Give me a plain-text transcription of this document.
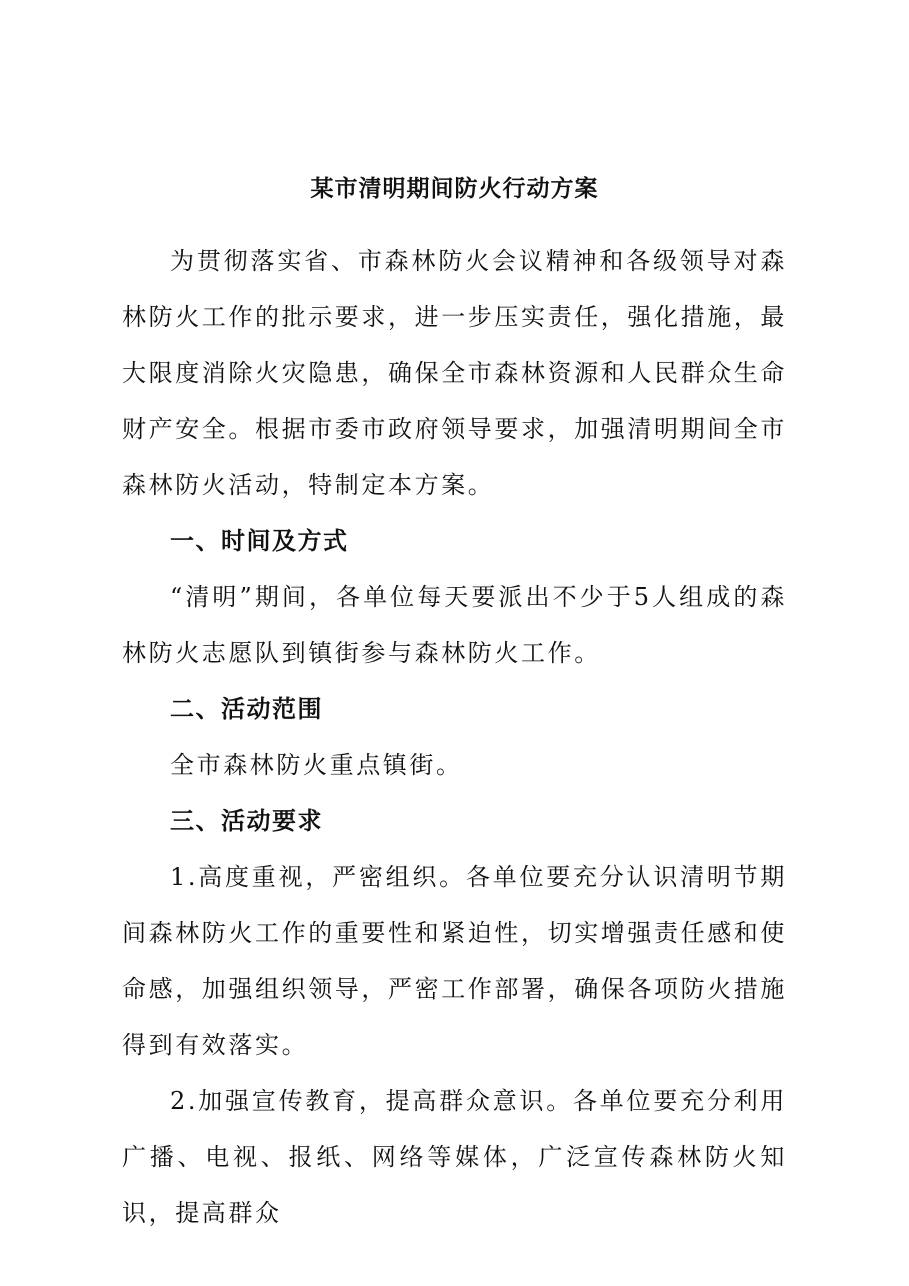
某市清明期间防火行动方案

为贯彻落实省、市森林防火会议精神和各级领导对森林防火工作的批示要求，进一步压实责任，强化措施，最大限度消除火灾隐患，确保全市森林资源和人民群众生命财产安全。根据市委市政府领导要求，加强清明期间全市森林防火活动，特制定本方案。

一、时间及方式

“清明”期间，各单位每天要派出不少于5人组成的森林防火志愿队到镇街参与森林防火工作。

二、活动范围

全市森林防火重点镇街。

三、活动要求

1.高度重视，严密组织。各单位要充分认识清明节期间森林防火工作的重要性和紧迫性，切实增强责任感和使命感，加强组织领导，严密工作部署，确保各项防火措施得到有效落实。

2.加强宣传教育，提高群众意识。各单位要充分利用广播、电视、报纸、网络等媒体，广泛宣传森林防火知识，提高群众
